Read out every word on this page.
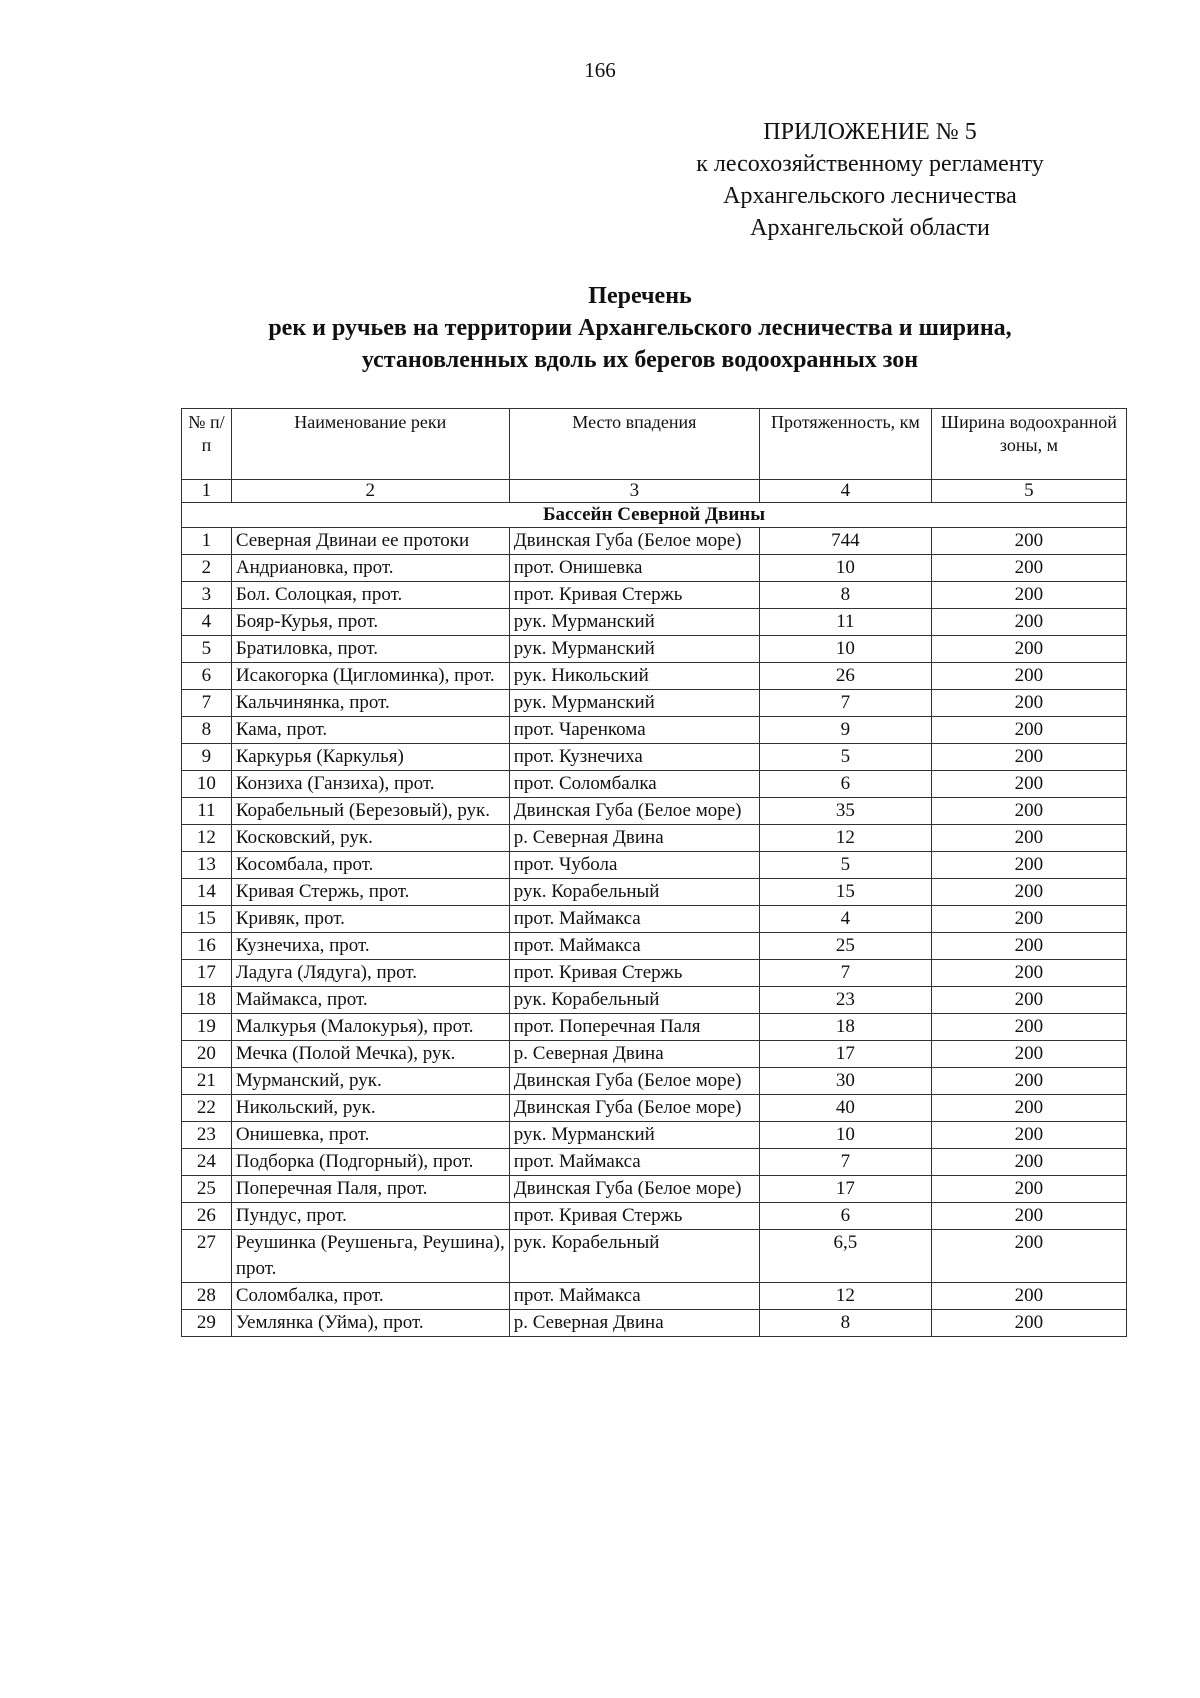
166
ПРИЛОЖЕНИЕ № 5
к лесохозяйственному регламенту
Архангельского лесничества
Архангельской области
Перечень
рек и ручьев на территории Архангельского лесничества и ширина,
установленных вдоль их берегов водоохранных зон
№ п/п	Наименование реки	Место впадения	Протяженность, км	Ширина водоохранной зоны, м
1	2	3	4	5
Бассейн Северной Двины				
1	Северная Двинаи ее протоки	Двинская Губа (Белое море)	744	200
2	Андриановка, прот.	прот. Онишевка	10	200
3	Бол. Солоцкая, прот.	прот. Кривая Стержь	8	200
4	Бояр-Курья, прот.	рук. Мурманский	11	200
5	Братиловка, прот.	рук. Мурманский	10	200
6	Исакогорка (Цигломинка), прот.	рук. Никольский	26	200
7	Кальчинянка, прот.	рук. Мурманский	7	200
8	Кама, прот.	прот. Чаренкома	9	200
9	Каркурья (Каркулья)	прот. Кузнечиха	5	200
10	Конзиха (Ганзиха), прот.	прот. Соломбалка	6	200
11	Корабельный (Березовый), рук.	Двинская Губа (Белое море)	35	200
12	Косковский, рук.	р. Северная Двина	12	200
13	Косомбала, прот.	прот. Чубола	5	200
14	Кривая Стержь, прот.	рук. Корабельный	15	200
15	Кривяк, прот.	прот. Маймакса	4	200
16	Кузнечиха, прот.	прот. Маймакса	25	200
17	Ладуга (Лядуга), прот.	прот. Кривая Стержь	7	200
18	Маймакса, прот.	рук. Корабельный	23	200
19	Малкурья (Малокурья), прот.	прот. Поперечная Паля	18	200
20	Мечка (Полой Мечка), рук.	р. Северная Двина	17	200
21	Мурманский, рук.	Двинская Губа (Белое море)	30	200
22	Никольский, рук.	Двинская Губа (Белое море)	40	200
23	Онишевка, прот.	рук. Мурманский	10	200
24	Подборка (Подгорный), прот.	прот. Маймакса	7	200
25	Поперечная Паля, прот.	Двинская Губа (Белое море)	17	200
26	Пундус, прот.	прот. Кривая Стержь	6	200
27	Реушинка (Реушеньга, Реушина), прот.	рук. Корабельный	6,5	200
28	Соломбалка, прот.	прот. Маймакса	12	200
29	Уемлянка (Уйма), прот.	р. Северная Двина	8	200
